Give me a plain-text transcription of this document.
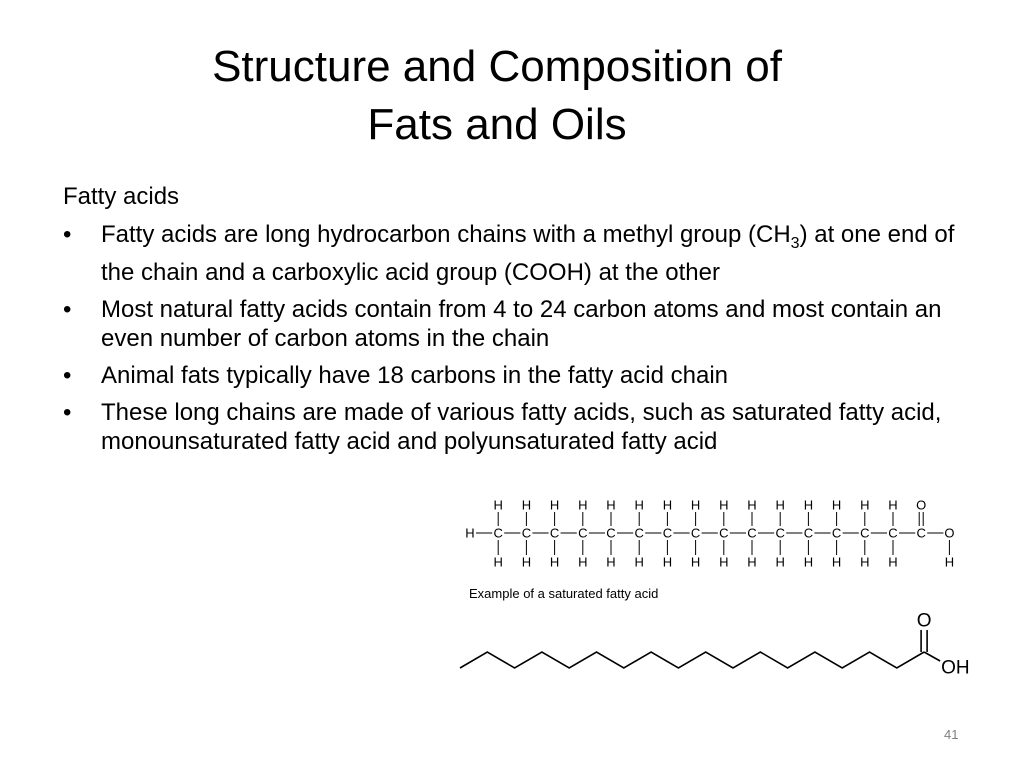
Structure and Composition of
Fats and Oils
Fatty acids
• Fatty acids are long hydrocarbon chains with a methyl group $(CH_3)$ at one end of the chain and a carboxylic acid group (COOH) at the other
• Most natural fatty acids contain from 4 to 24 carbon atoms and most contain an even number of carbon atoms in the chain
• Animal fats typically have 18 carbons in the fatty acid chain
• These long chains are made of various fatty acids, such as saturated fatty acid, monounsaturated fatty acid and polyunsaturated fatty acid
H C
H
H
C
H
H
C
H
H
C
H
H
C
H
H
C
H
H
C
H
H
C
H
H
C
H
H
C
H
H
C
H
H
C
H
H
C
H
H
C
H
H
C
H
H
C
O
O
H
Example of a saturated fatty acid
O
OH
41
